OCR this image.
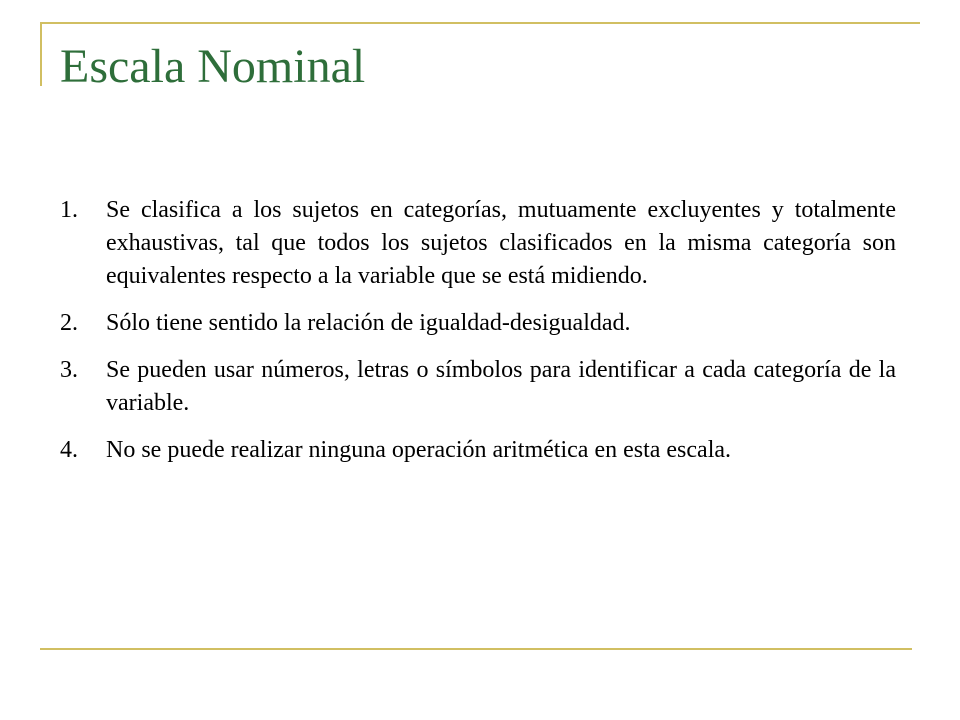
Escala Nominal
1.	Se clasifica a los sujetos en categorías, mutuamente excluyentes y totalmente exhaustivas, tal que todos los sujetos clasificados en la misma categoría son equivalentes respecto a la variable que se está midiendo.
2.	Sólo tiene sentido la relación de igualdad-desigualdad.
3.	Se pueden usar números, letras o símbolos para identificar a cada categoría de la variable.
4.	No se puede realizar ninguna operación aritmética en esta escala.
